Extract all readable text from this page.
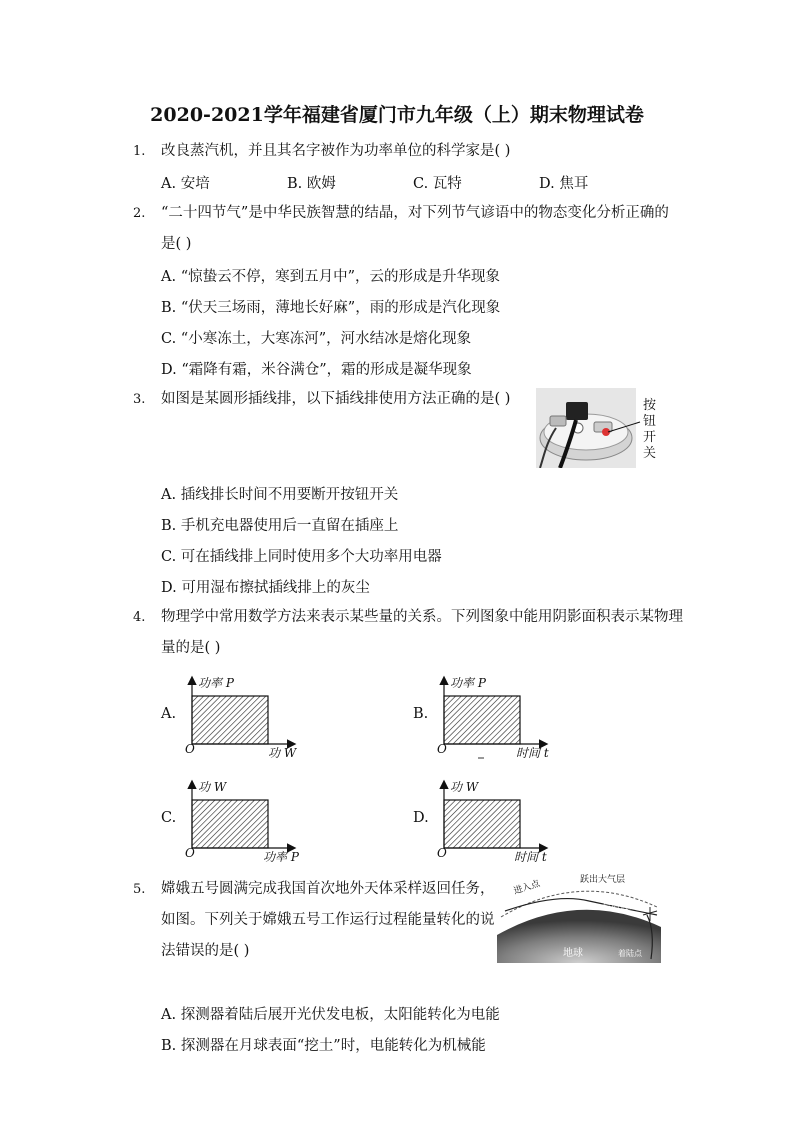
2020-2021学年福建省厦门市九年级（上）期末物理试卷
1. 改良蒸汽机，并且其名字被作为功率单位的科学家是( )
A. 安培	B. 欧姆	C. 瓦特	D. 焦耳
2. “二十四节气”是中华民族智慧的结晶，对下列节气谚语中的物态变化分析正确的
是( )
A. “惊蛰云不停，寒到五月中”，云的形成是升华现象
B. “伏天三场雨，薄地长好麻”，雨的形成是汽化现象
C. “小寒冻土，大寒冻河”，河水结冰是熔化现象
D. “霜降有霜，米谷满仓”，霜的形成是凝华现象
3. 如图是某圆形插线排，以下插线排使用方法正确的是( )	按
钮
开
关
A. 插线排长时间不用要断开按钮开关
B. 手机充电器使用后一直留在插座上
C. 可在插线排上同时使用多个大功率用电器
D. 可用湿布擦拭插线排上的灰尘
4. 物理学中常用数学方法来表示某些量的关系。下列图象中能用阴影面积表示某物理
量的是( )
A.
功率 P
O	功 W
B.
功率 P
O	时间 t
C.
功 W
O	功率 P
D.
功 W
O	时间 t
5. 嫦娥五号圆满完成我国首次地外天体采样返回任务，
如图。下列关于嫦娥五号工作运行过程能量转化的说
法错误的是( )
进入点	跃出大气层
反弹	最后进入
地球	着陆点
A. 探测器着陆后展开光伏发电板，太阳能转化为电能
B. 探测器在月球表面“挖土”时，电能转化为机械能
